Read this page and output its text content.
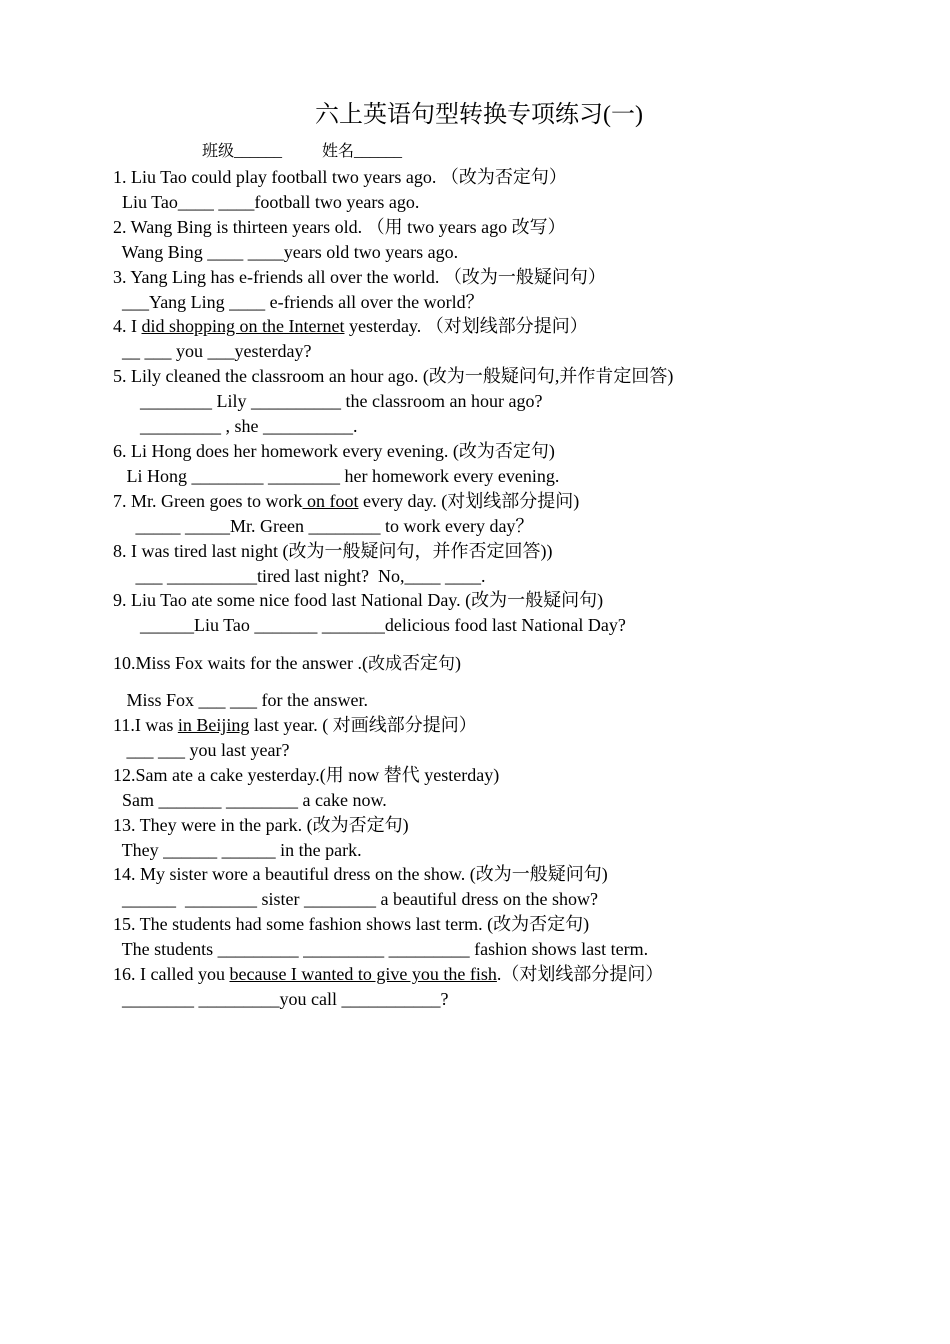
六上英语句型转换专项练习(一)
班级______	姓名______
1. Liu Tao could play football two years ago. （改为否定句）
Liu Tao____ ____football two years ago.
2. Wang Bing is thirteen years old. （用 two years ago 改写）
Wang Bing ____ ____years old two years ago.
3. Yang Ling has e-friends all over the world. （改为一般疑问句）
___Yang Ling ____ e-friends all over the world？
4. I did shopping on the Internet yesterday. （对划线部分提问）
__ ___ you ___yesterday?
5. Lily cleaned the classroom an hour ago. (改为一般疑问句,并作肯定回答)
________ Lily __________ the classroom an hour ago?
_________ , she __________.
6. Li Hong does her homework every evening. (改为否定句)
Li Hong ________ ________ her homework every evening.
7. Mr. Green goes to work on foot every day. (对划线部分提问)
_____ _____Mr. Green ________ to work every day？
8. I was tired last night (改为一般疑问句，并作否定回答))
___ __________tired last night?  No,____ ____.
9. Liu Tao ate some nice food last National Day. (改为一般疑问句)
______Liu Tao _______ _______delicious food last National Day?
10.Miss Fox waits for the answer .(改成否定句)
Miss Fox ___ ___ for the answer.
11.I was in Beijing last year. ( 对画线部分提问）
___ ___ you last year?
12.Sam ate a cake yesterday.(用 now 替代 yesterday)
Sam _______ ________ a cake now.
13. They were in the park. (改为否定句)
They ______ ______ in the park.
14. My sister wore a beautiful dress on the show. (改为一般疑问句)
______  ________ sister ________ a beautiful dress on the show?
15. The students had some fashion shows last term. (改为否定句)
The students _________ _________ _________ fashion shows last term.
16. I called you because I wanted to give you the fish.（对划线部分提问）
________ _________you call ___________?
